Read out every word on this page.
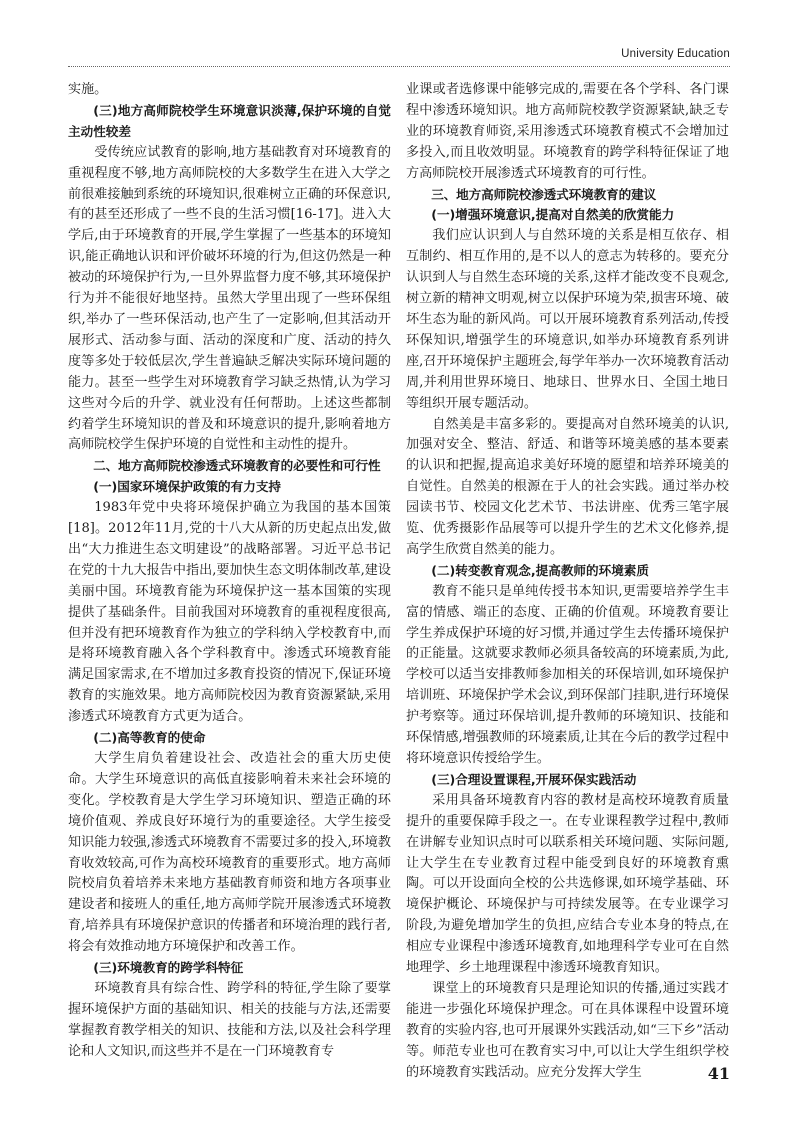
University Education

实施。

(三)地方高师院校学生环境意识淡薄,保护环境的自觉主动性较差

受传统应试教育的影响,地方基础教育对环境教育的重视程度不够,地方高师院校的大多数学生在进入大学之前很难接触到系统的环境知识,很难树立正确的环保意识,有的甚至还形成了一些不良的生活习惯[16-17]。进入大学后,由于环境教育的开展,学生掌握了一些基本的环境知识,能正确地认识和评价破坏环境的行为,但这仍然是一种被动的环境保护行为,一旦外界监督力度不够,其环境保护行为并不能很好地坚持。虽然大学里出现了一些环保组织,举办了一些环保活动,也产生了一定影响,但其活动开展形式、活动参与面、活动的深度和广度、活动的持久度等多处于较低层次,学生普遍缺乏解决实际环境问题的能力。甚至一些学生对环境教育学习缺乏热情,认为学习这些对今后的升学、就业没有任何帮助。上述这些都制约着学生环境知识的普及和环境意识的提升,影响着地方高师院校学生保护环境的自觉性和主动性的提升。

二、地方高师院校渗透式环境教育的必要性和可行性

(一)国家环境保护政策的有力支持

1983年党中央将环境保护确立为我国的基本国策[18]。2012年11月,党的十八大从新的历史起点出发,做出“大力推进生态文明建设”的战略部署。习近平总书记在党的十九大报告中指出,要加快生态文明体制改革,建设美丽中国。环境教育能为环境保护这一基本国策的实现提供了基础条件。目前我国对环境教育的重视程度很高,但并没有把环境教育作为独立的学科纳入学校教育中,而是将环境教育融入各个学科教育中。渗透式环境教育能满足国家需求,在不增加过多教育投资的情况下,保证环境教育的实施效果。地方高师院校因为教育资源紧缺,采用渗透式环境教育方式更为适合。

(二)高等教育的使命

大学生肩负着建设社会、改造社会的重大历史使命。大学生环境意识的高低直接影响着未来社会环境的变化。学校教育是大学生学习环境知识、塑造正确的环境价值观、养成良好环境行为的重要途径。大学生接受知识能力较强,渗透式环境教育不需要过多的投入,环境教育收效较高,可作为高校环境教育的重要形式。地方高师院校肩负着培养未来地方基础教育师资和地方各项事业建设者和接班人的重任,地方高师学院开展渗透式环境教育,培养具有环境保护意识的传播者和环境治理的践行者,将会有效推动地方环境保护和改善工作。

(三)环境教育的跨学科特征

环境教育具有综合性、跨学科的特征,学生除了要掌握环境保护方面的基础知识、相关的技能与方法,还需要掌握教育教学相关的知识、技能和方法,以及社会科学理论和人文知识,而这些并不是在一门环境教育专

业课或者选修课中能够完成的,需要在各个学科、各门课程中渗透环境知识。地方高师院校教学资源紧缺,缺乏专业的环境教育师资,采用渗透式环境教育模式不会增加过多投入,而且收效明显。环境教育的跨学科特征保证了地方高师院校开展渗透式环境教育的可行性。

三、地方高师院校渗透式环境教育的建议

(一)增强环境意识,提高对自然美的欣赏能力

我们应认识到人与自然环境的关系是相互依存、相互制约、相互作用的,是不以人的意志为转移的。要充分认识到人与自然生态环境的关系,这样才能改变不良观念,树立新的精神文明观,树立以保护环境为荣,损害环境、破坏生态为耻的新风尚。可以开展环境教育系列活动,传授环保知识,增强学生的环境意识,如举办环境教育系列讲座,召开环境保护主题班会,每学年举办一次环境教育活动周,并利用世界环境日、地球日、世界水日、全国土地日等组织开展专题活动。

自然美是丰富多彩的。要提高对自然环境美的认识,加强对安全、整洁、舒适、和谐等环境美感的基本要素的认识和把握,提高追求美好环境的愿望和培养环境美的自觉性。自然美的根源在于人的社会实践。通过举办校园读书节、校园文化艺术节、书法讲座、优秀三笔字展览、优秀摄影作品展等可以提升学生的艺术文化修养,提高学生欣赏自然美的能力。

(二)转变教育观念,提高教师的环境素质

教育不能只是单纯传授书本知识,更需要培养学生丰富的情感、端正的态度、正确的价值观。环境教育要让学生养成保护环境的好习惯,并通过学生去传播环境保护的正能量。这就要求教师必须具备较高的环境素质,为此,学校可以适当安排教师参加相关的环保培训,如环境保护培训班、环境保护学术会议,到环保部门挂职,进行环境保护考察等。通过环保培训,提升教师的环境知识、技能和环保情感,增强教师的环境素质,让其在今后的教学过程中将环境意识传授给学生。

(三)合理设置课程,开展环保实践活动

采用具备环境教育内容的教材是高校环境教育质量提升的重要保障手段之一。在专业课程教学过程中,教师在讲解专业知识点时可以联系相关环境问题、实际问题,让大学生在专业教育过程中能受到良好的环境教育熏陶。可以开设面向全校的公共选修课,如环境学基础、环境保护概论、环境保护与可持续发展等。在专业课学习阶段,为避免增加学生的负担,应结合专业本身的特点,在相应专业课程中渗透环境教育,如地理科学专业可在自然地理学、乡土地理课程中渗透环境教育知识。

课堂上的环境教育只是理论知识的传播,通过实践才能进一步强化环境保护理念。可在具体课程中设置环境教育的实验内容,也可开展课外实践活动,如“三下乡”活动等。师范专业也可在教育实习中,可以让大学生组织学校的环境教育实践活动。应充分发挥大学生	41
